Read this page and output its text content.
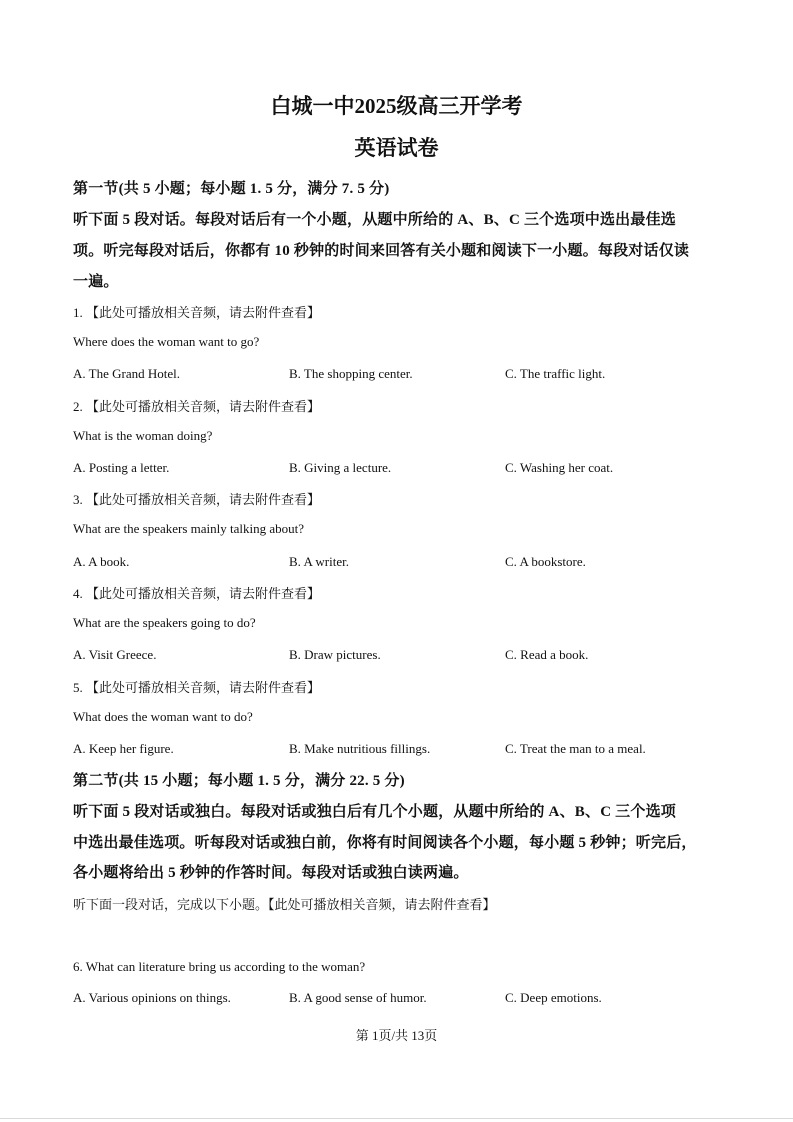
白城一中2025级高三开学考
英语试卷
第一节(共 5 小题；每小题 1. 5 分，满分 7. 5 分)
听下面 5 段对话。每段对话后有一个小题，从题中所给的 A、B、C 三个选项中选出最佳选
项。听完每段对话后，你都有 10 秒钟的时间来回答有关小题和阅读下一小题。每段对话仅读
一遍。
1. 【此处可播放相关音频，请去附件查看】
Where does the woman want to go?
A. The Grand Hotel.	B. The shopping center.	C. The traffic light.
2. 【此处可播放相关音频，请去附件查看】
What is the woman doing?
A. Posting a letter.	B. Giving a lecture.	C. Washing her coat.
3. 【此处可播放相关音频，请去附件查看】
What are the speakers mainly talking about?
A. A book.	B. A writer.	C. A bookstore.
4. 【此处可播放相关音频，请去附件查看】
What are the speakers going to do?
A. Visit Greece.	B. Draw pictures.	C. Read a book.
5. 【此处可播放相关音频，请去附件查看】
What does the woman want to do?
A. Keep her figure.	B. Make nutritious fillings.	C. Treat the man to a meal.
第二节(共 15 小题；每小题 1. 5 分，满分 22. 5 分)
听下面 5 段对话或独白。每段对话或独白后有几个小题，从题中所给的 A、B、C 三个选项
中选出最佳选项。听每段对话或独白前，你将有时间阅读各个小题，每小题 5 秒钟；听完后，
各小题将给出 5 秒钟的作答时间。每段对话或独白读两遍。
听下面一段对话，完成以下小题。【此处可播放相关音频，请去附件查看】
6. What can literature bring us according to the woman?
A. Various opinions on things.	B. A good sense of humor.	C. Deep emotions.
第 1页/共 13页
